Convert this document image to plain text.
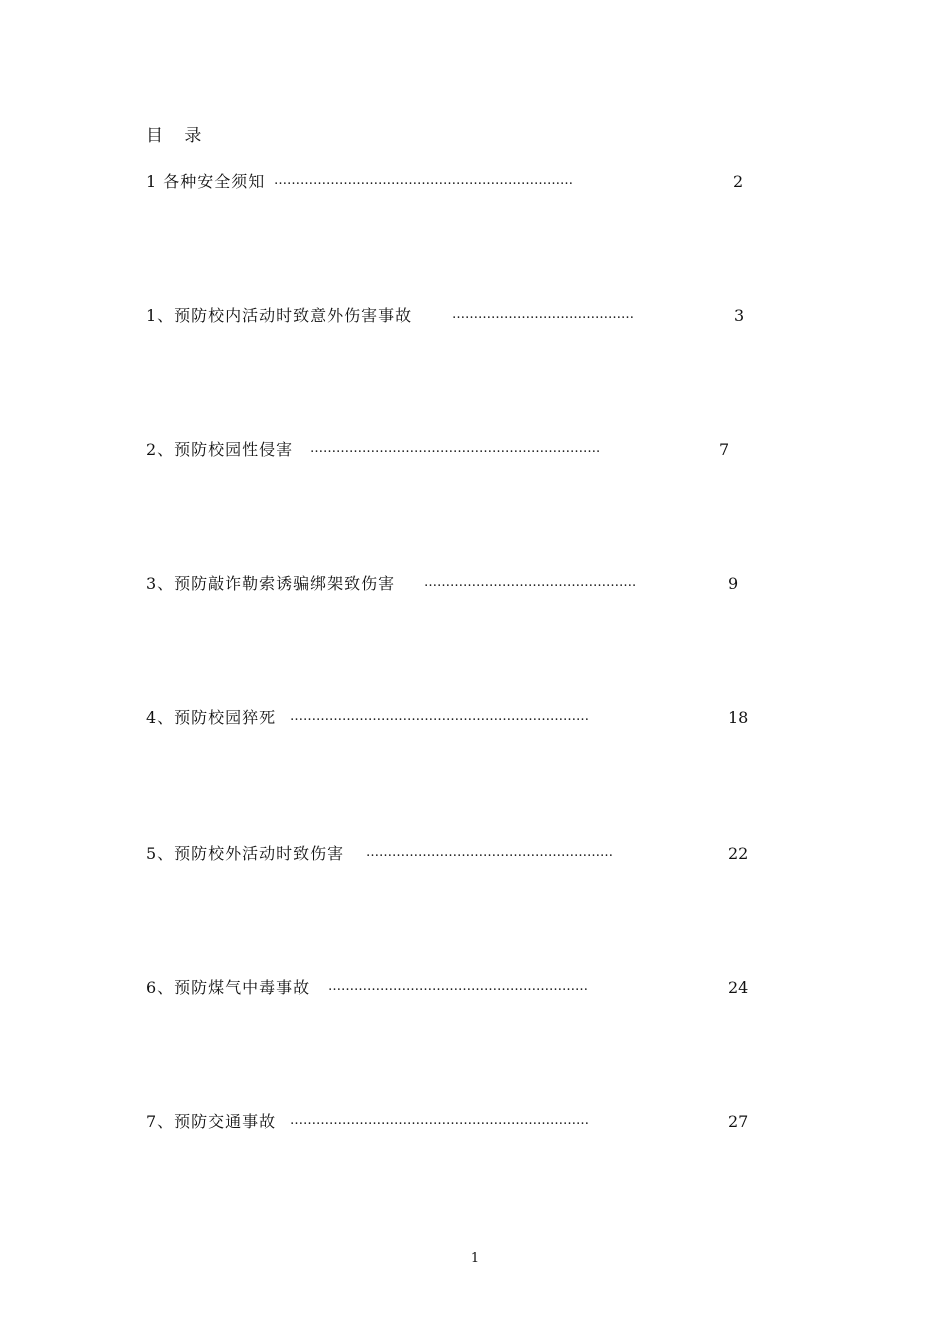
目 录
1 各种安全须知 ……………………………………………………………	2
1、预防校内活动时致意外伤害事故	……………………………………	3
2、预防校园性侵害 ………………………………………………………….	7
3、预防敲诈勒索诱骗绑架致伤害 ………………………………………….	9
4、预防校园猝死 ……………………………………………………………	18
5、预防校外活动时致伤害 …………………………………………………	22
6、预防煤气中毒事故 ……………………………………………………	24
7、预防交通事故 ……………………………………………………………	27
1
